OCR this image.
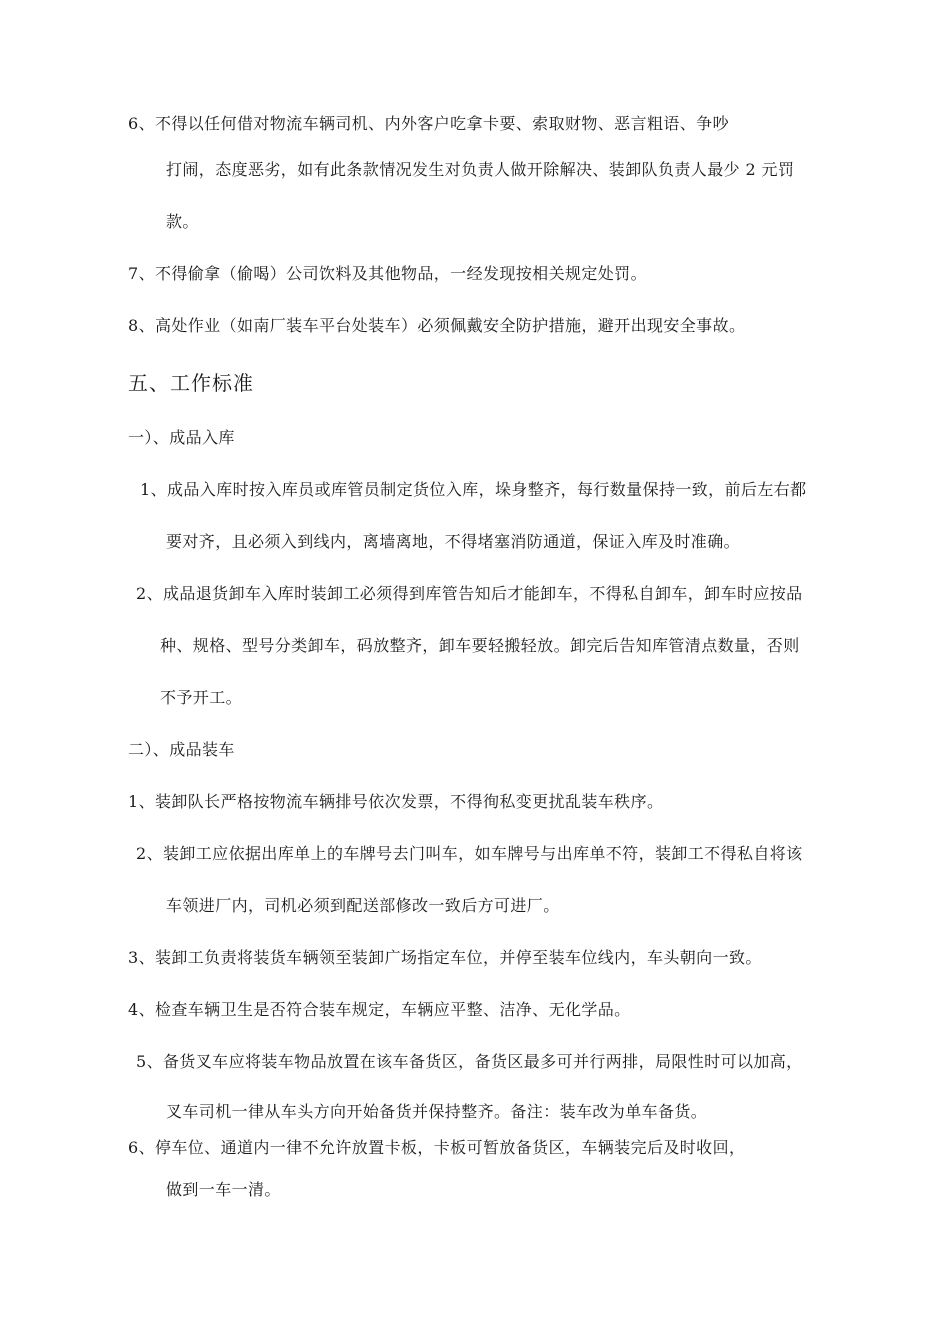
6、不得以任何借对物流车辆司机、内外客户吃拿卡要、索取财物、恶言粗语、争吵
打闹，态度恶劣，如有此条款情况发生对负责人做开除解决、装卸队负责人最少 2 元罚
款。
7、不得偷拿（偷喝）公司饮料及其他物品，一经发现按相关规定处罚。
8、高处作业（如南厂装车平台处装车）必须佩戴安全防护措施，避开出现安全事故。
五、工作标准
一）、成品入库
1、成品入库时按入库员或库管员制定货位入库，垛身整齐，每行数量保持一致，前后左右都
要对齐，且必须入到线内，离墙离地，不得堵塞消防通道，保证入库及时准确。
2、成品退货卸车入库时装卸工必须得到库管告知后才能卸车，不得私自卸车，卸车时应按品
种、规格、型号分类卸车，码放整齐，卸车要轻搬轻放。卸完后告知库管清点数量，否则
不予开工。
二）、成品装车
1、装卸队长严格按物流车辆排号依次发票，不得徇私变更扰乱装车秩序。
2、装卸工应依据出库单上的车牌号去门叫车，如车牌号与出库单不符，装卸工不得私自将该
车领进厂内，司机必须到配送部修改一致后方可进厂。
3、装卸工负责将装货车辆领至装卸广场指定车位，并停至装车位线内，车头朝向一致。
4、检查车辆卫生是否符合装车规定，车辆应平整、洁净、无化学品。
5、备货叉车应将装车物品放置在该车备货区，备货区最多可并行两排，局限性时可以加高，
叉车司机一律从车头方向开始备货并保持整齐。备注：装车改为单车备货。
6、停车位、通道内一律不允许放置卡板，卡板可暂放备货区，车辆装完后及时收回，
做到一车一清。
